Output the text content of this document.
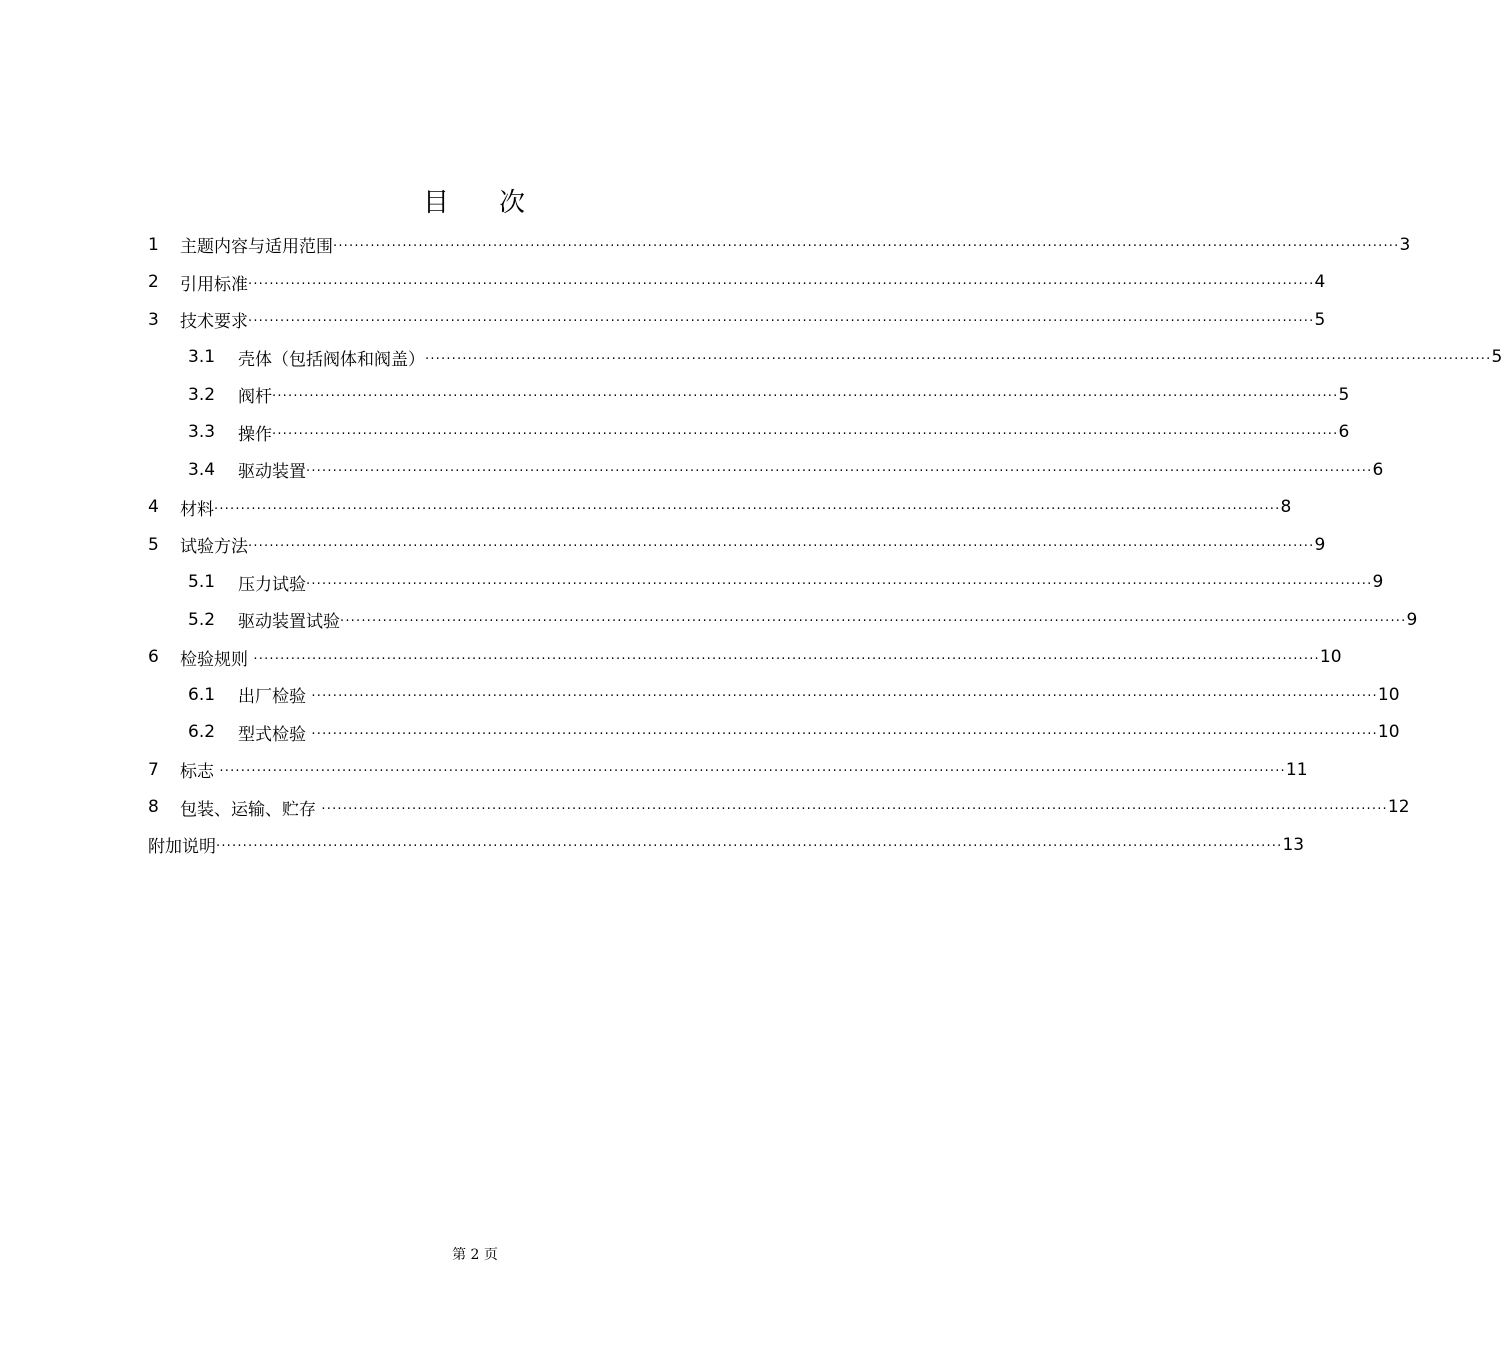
目 次
1	主题内容与适用范围 ········································································································································································································ 3
2	引用标准 ········································································································································································································ 4
3	技术要求 ········································································································································································································ 5
3.1	壳体（包括阀体和阀盖） ········································································································································································································ 5
3.2	阀杆 ········································································································································································································ 5
3.3	操作 ········································································································································································································ 6
3.4	驱动装置 ········································································································································································································ 6
4	材料 ········································································································································································································ 8
5	试验方法 ········································································································································································································ 9
5.1	压力试验 ········································································································································································································ 9
5.2	驱动装置试验 ········································································································································································································ 9
6	检验规则 ········································································································································································································ 10
6.1	出厂检验 ········································································································································································································ 10
6.2	型式检验 ········································································································································································································ 10
7	标志 ········································································································································································································ 11
8	包装、运输、贮存 ········································································································································································································ 12
附加说明 ········································································································································································································ 13
第 2 页
